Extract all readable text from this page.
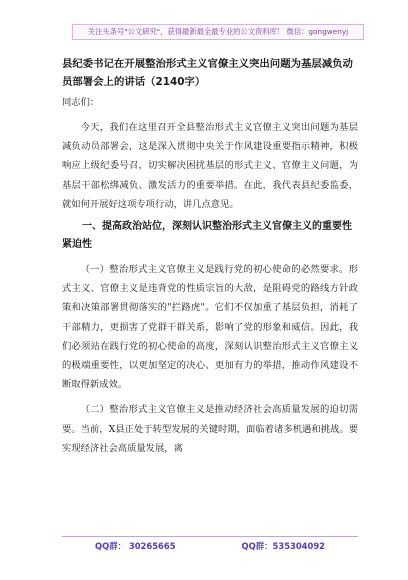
关注头条号"公文研究"，获得最新最全最专业的公文资料库！ 微信：gongwenyj

县纪委书记在开展整治形式主义官僚主义突出问题为基层减负动员部署会上的讲话（2140字）

同志们：

今天，我们在这里召开全县整治形式主义官僚主义突出问题为基层减负动员部署会，这是深入贯彻中央关于作风建设重要指示精神，积极响应上级纪委号召，切实解决困扰基层的形式主义、官僚主义问题，为基层干部松绑减负、激发活力的重要举措。在此，我代表县纪委监委，就如何开展好这项专项行动，讲几点意见。

一、提高政治站位，深刻认识整治形式主义官僚主义的重要性紧迫性

（一）整治形式主义官僚主义是践行党的初心使命的必然要求。形式主义、官僚主义是违背党的性质宗旨的大敌，是阻碍党的路线方针政策和决策部署贯彻落实的"拦路虎"。它们不仅加重了基层负担，消耗了干部精力，更损害了党群干群关系，影响了党的形象和威信。因此，我们必须站在践行党的初心使命的高度，深刻认识整治形式主义官僚主义的极端重要性，以更加坚定的决心、更加有力的举措，推动作风建设不断取得新成效。

（二）整治形式主义官僚主义是推动经济社会高质量发展的迫切需要。当前，X县正处于转型发展的关键时期，面临着诸多机遇和挑战。要实现经济社会高质量发展，离

QQ群： 30265665	QQ群：535304092
